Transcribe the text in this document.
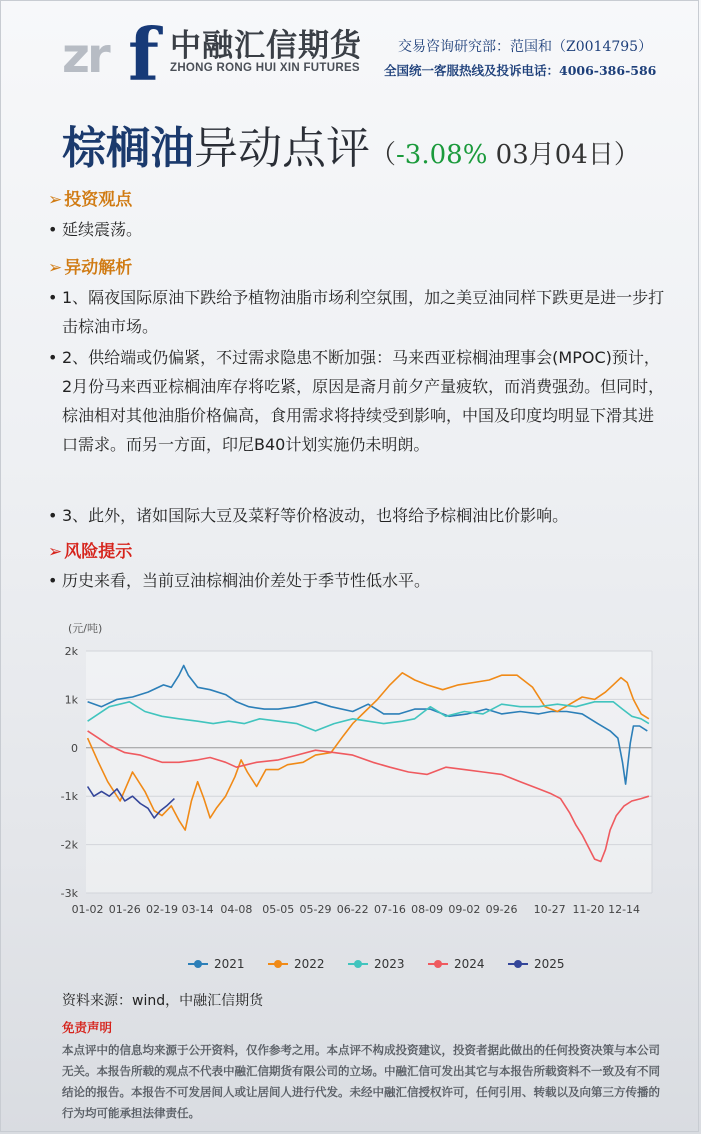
zr f 中融汇信期货
ZHONG RONG HUI XIN FUTURES
交易咨询研究部：范国和（Z0014795）
全国统一客服热线及投诉电话：4006-386-586
棕榈油异动点评（-3.08% 03月04日）
➢ 投资观点
• 延续震荡。
➢ 异动解析
• 1、隔夜国际原油下跌给予植物油脂市场利空氛围，加之美豆油同样下跌更是进一步打击棕油市场。
• 2、供给端或仍偏紧，不过需求隐患不断加强：马来西亚棕榈油理事会(MPOC)预计，2月份马来西亚棕榈油库存将吃紧，原因是斋月前夕产量疲软，而消费强劲。但同时，棕油相对其他油脂价格偏高，食用需求将持续受到影响，中国及印度均明显下滑其进口需求。而另一方面，印尼B40计划实施仍未明朗。
• 3、此外，诸如国际大豆及菜籽等价格波动，也将给予棕榈油比价影响。
➢ 风险提示
• 历史来看，当前豆油棕榈油价差处于季节性低水平。
(元/吨)
2k
1k
0
-1k
-2k
-3k
01-02 01-26 02-19 03-14 04-08 05-05 05-29 06-22 07-16 08-09 09-02 09-26 10-27 11-20 12-14
2021	2022	2023	2024	2025
资料来源：wind，中融汇信期货
免责声明
本点评中的信息均来源于公开资料，仅作参考之用。本点评不构成投资建议，投资者据此做出的任何投资决策与本公司无关。本报告所载的观点不代表中融汇信期货有限公司的立场。中融汇信可发出其它与本报告所载资料不一致及有不同结论的报告。本报告不可发居间人或让居间人进行代发。未经中融汇信授权许可，任何引用、转载以及向第三方传播的行为均可能承担法律责任。
